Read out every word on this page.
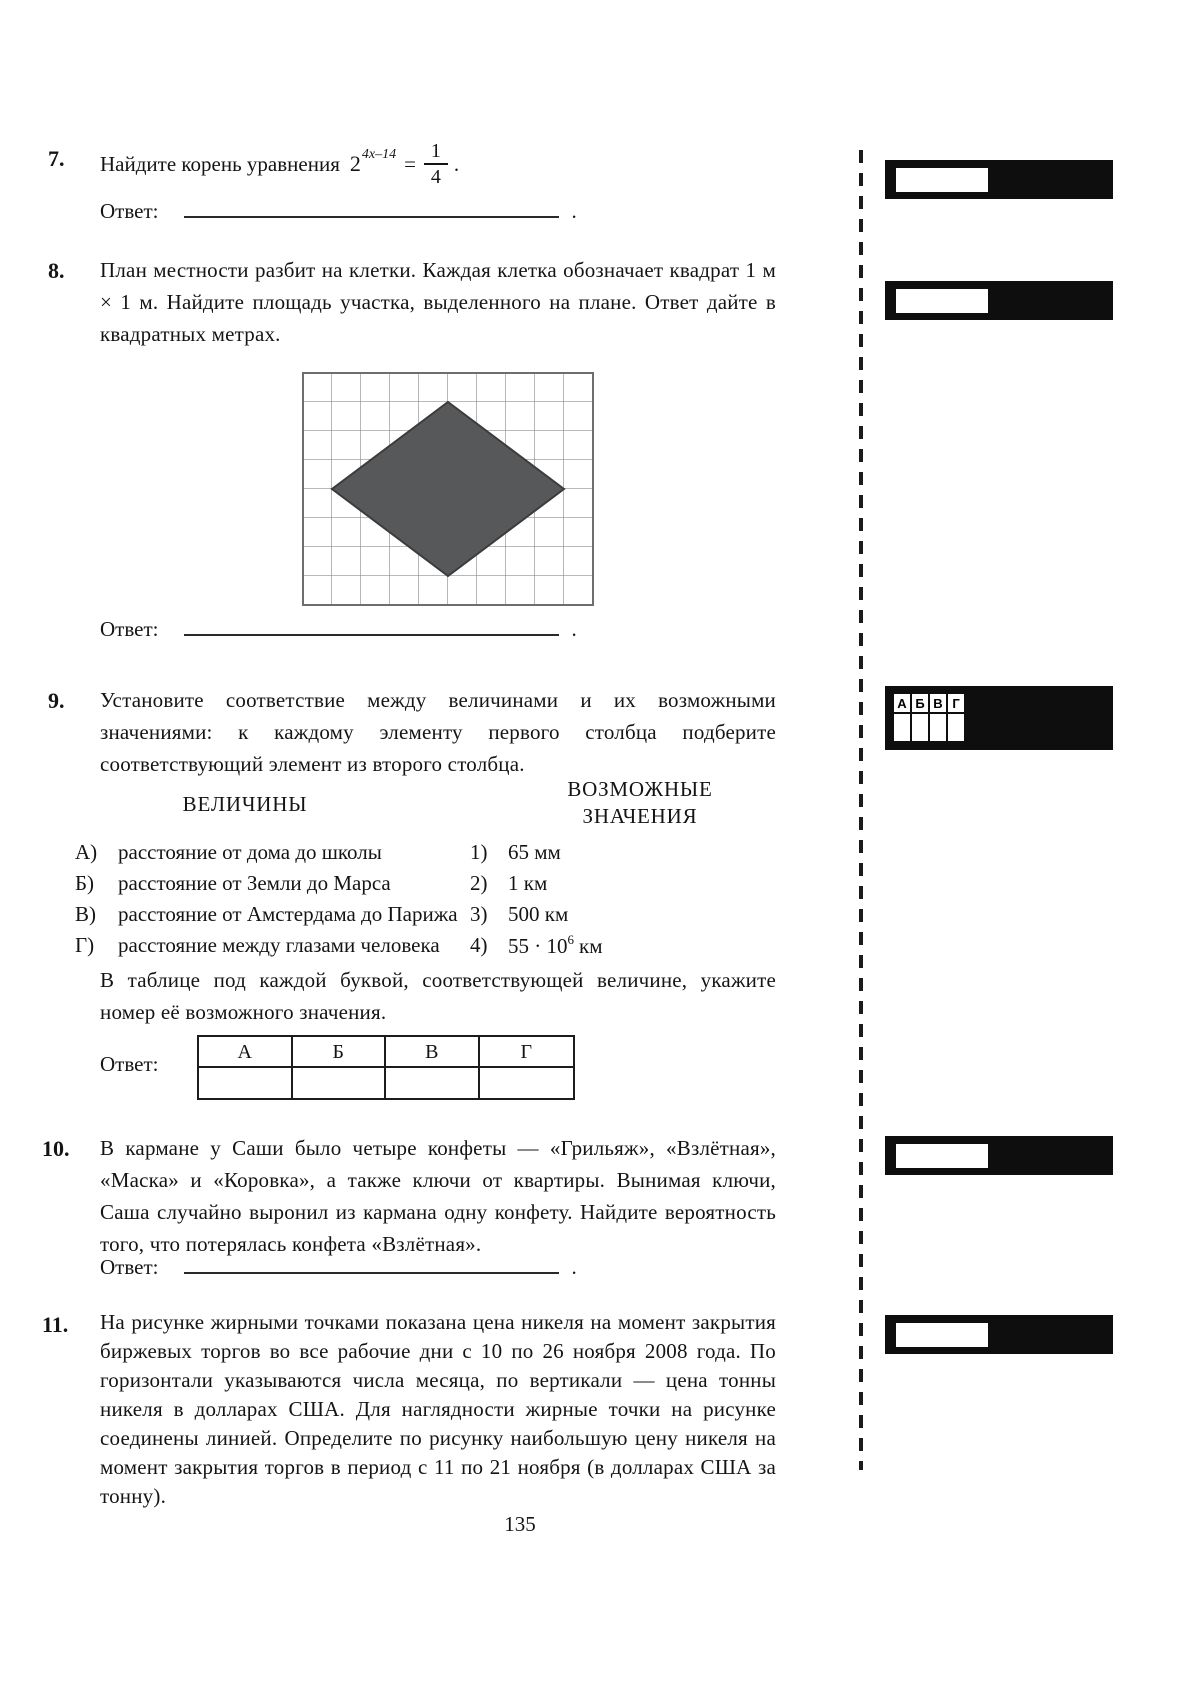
7. Найдите корень уравнения 2 $4x-14 = \frac{1}{4}$ .
Ответ:	.
8. План местности разбит на клетки. Каждая клетка обозначает квадрат 1 м × 1 м. Найдите площадь участка, выделенного на плане. Ответ дайте в квадратных метрах.
Ответ:	.
9. Установите соответствие между величинами и их возможными значениями: к каждому элементу первого столбца подберите соответствующий элемент из второго столбца.
ВЕЛИЧИНЫ
ВОЗМОЖНЫЕ
ЗНАЧЕНИЯ
А) расстояние от дома до школы	1) 65 мм
Б) расстояние от Земли до Марса	2) 1 км
В) расстояние от Амстердама до Парижа 3) 500 км
Г) расстояние между глазами человека 4) $55 \cdot 10^6$ км
В таблице под каждой буквой, соответствующей величине, укажите номер её возможного значения.
Ответ:	А	Б	В	Г
10. В кармане у Саши было четыре конфеты — «Грильяж», «Взлётная», «Маска» и «Коровка», а также ключи от квартиры. Вынимая ключи, Саша случайно выронил из кармана одну конфету. Найдите вероятность того, что потерялась конфета «Взлётная».
Ответ:	.
11. На рисунке жирными точками показана цена никеля на момент закрытия биржевых торгов во все рабочие дни с 10 по 26 ноября 2008 года. По горизонтали указываются числа месяца, по вертикали — цена тонны никеля в долларах США. Для наглядности жирные точки на рисунке соединены линией. Определите по рисунку наибольшую цену никеля на момент закрытия торгов в период с 11 по 21 ноября (в долларах США за тонну).
А Б В Г
135
